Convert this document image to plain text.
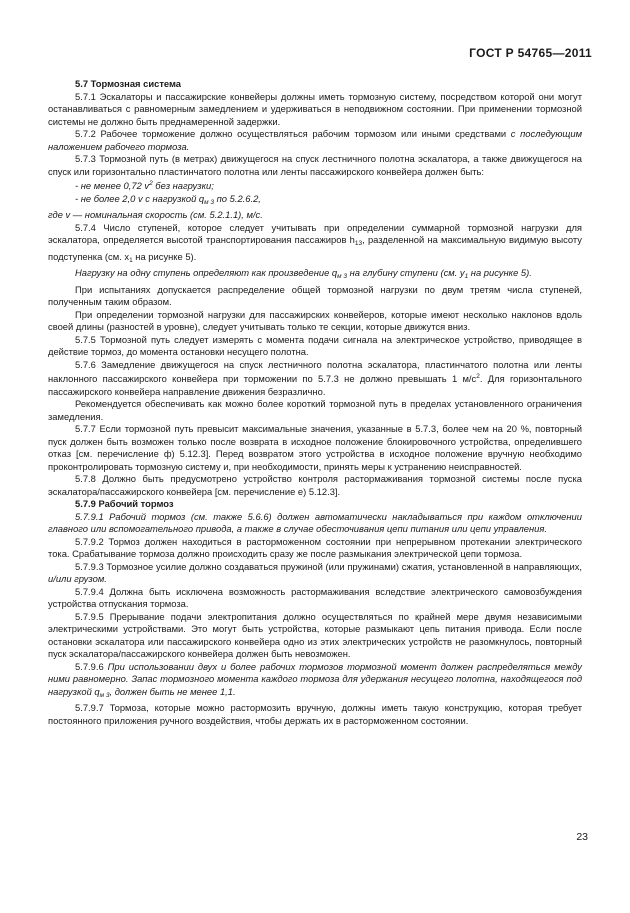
ГОСТ Р 54765—2011

5.7 Тормозная система

5.7.1 Эскалаторы и пассажирские конвейеры должны иметь тормозную систему, посредством которой они могут останавливаться с равномерным замедлением и удерживаться в неподвижном состоянии. При применении тормозной системы не должно быть преднамеренной задержки.

5.7.2 Рабочее торможение должно осуществляться рабочим тормозом или иными средствами с последующим наложением рабочего тормоза.

5.7.3 Тормозной путь (в метрах) движущегося на спуск лестничного полотна эскалатора, а также движущегося на спуск или горизонтально пластинчатого полотна или ленты пассажирского конвейера должен быть:

- не менее 0,72 $v^2$ без нагрузки;

- не более 2,0 v с нагрузкой $q_{м 3}$ по 5.2.6.2,

где v — номинальная скорость (см. 5.2.1.1), м/с.

5.7.4 Число ступеней, которое следует учитывать при определении суммарной тормозной нагрузки для эскалатора, определяется высотой транспортирования пассажиров $h_{13}$, разделенной на максимальную видимую высоту подступенка (см. $x_1$ на рисунке 5).

Нагрузку на одну ступень определяют как произведение $q_{м 3}$ на глубину ступени (см. $y_1$ на рисунке 5).

При испытаниях допускается распределение общей тормозной нагрузки по двум третям числа ступеней, полученным таким образом.

При определении тормозной нагрузки для пассажирских конвейеров, которые имеют несколько наклонов вдоль своей длины (разностей в уровне), следует учитывать только те секции, которые движутся вниз.

5.7.5 Тормозной путь следует измерять с момента подачи сигнала на электрическое устройство, приводящее в действие тормоз, до момента остановки несущего полотна.

5.7.6 Замедление движущегося на спуск лестничного полотна эскалатора, пластинчатого полотна или ленты наклонного пассажирского конвейера при торможении по 5.7.3 не должно превышать 1 $м/с^2$. Для горизонтального пассажирского конвейера направление движения безразлично.

Рекомендуется обеспечивать как можно более короткий тормозной путь в пределах установленного ограничения замедления.

5.7.7 Если тормозной путь превысит максимальные значения, указанные в 5.7.3, более чем на 20 %, повторный пуск должен быть возможен только после возврата в исходное положение блокировочного устройства, определившего отказ [см. перечисление ф) 5.12.3]. Перед возвратом этого устройства в исходное положение вручную необходимо проконтролировать тормозную систему и, при необходимости, принять меры к устранению неисправностей.

5.7.8 Должно быть предусмотрено устройство контроля растормаживания тормозной системы после пуска эскалатора/пассажирского конвейера [см. перечисление е) 5.12.3].

5.7.9 Рабочий тормоз

5.7.9.1 Рабочий тормоз (см. также 5.6.6) должен автоматически накладываться при каждом отключении главного или вспомогательного привода, а также в случае обесточивания цепи питания или цепи управления.

5.7.9.2 Тормоз должен находиться в расторможенном состоянии при непрерывном протекании электрического тока. Срабатывание тормоза должно происходить сразу же после размыкания электрической цепи тормоза.

5.7.9.3 Тормозное усилие должно создаваться пружиной (или пружинами) сжатия, установленной в направляющих, и/или грузом.

5.7.9.4 Должна быть исключена возможность растормаживания вследствие электрического самовозбуждения устройства отпускания тормоза.

5.7.9.5 Прерывание подачи электропитания должно осуществляться по крайней мере двумя независимыми электрическими устройствами. Это могут быть устройства, которые размыкают цепь питания привода. Если после остановки эскалатора или пассажирского конвейера одно из этих электрических устройств не разомкнулось, повторный пуск эскалатора/пассажирского конвейера должен быть невозможен.

5.7.9.6 При использовании двух и более рабочих тормозов тормозной момент должен распределяться между ними равномерно. Запас тормозного момента каждого тормоза для удержания несущего полотна, находящегося под нагрузкой $q_{м 3}$, должен быть не менее 1,1.

5.7.9.7 Тормоза, которые можно растормозить вручную, должны иметь такую конструкцию, которая требует постоянного приложения ручного воздействия, чтобы держать их в расторможенном состоянии.

23
